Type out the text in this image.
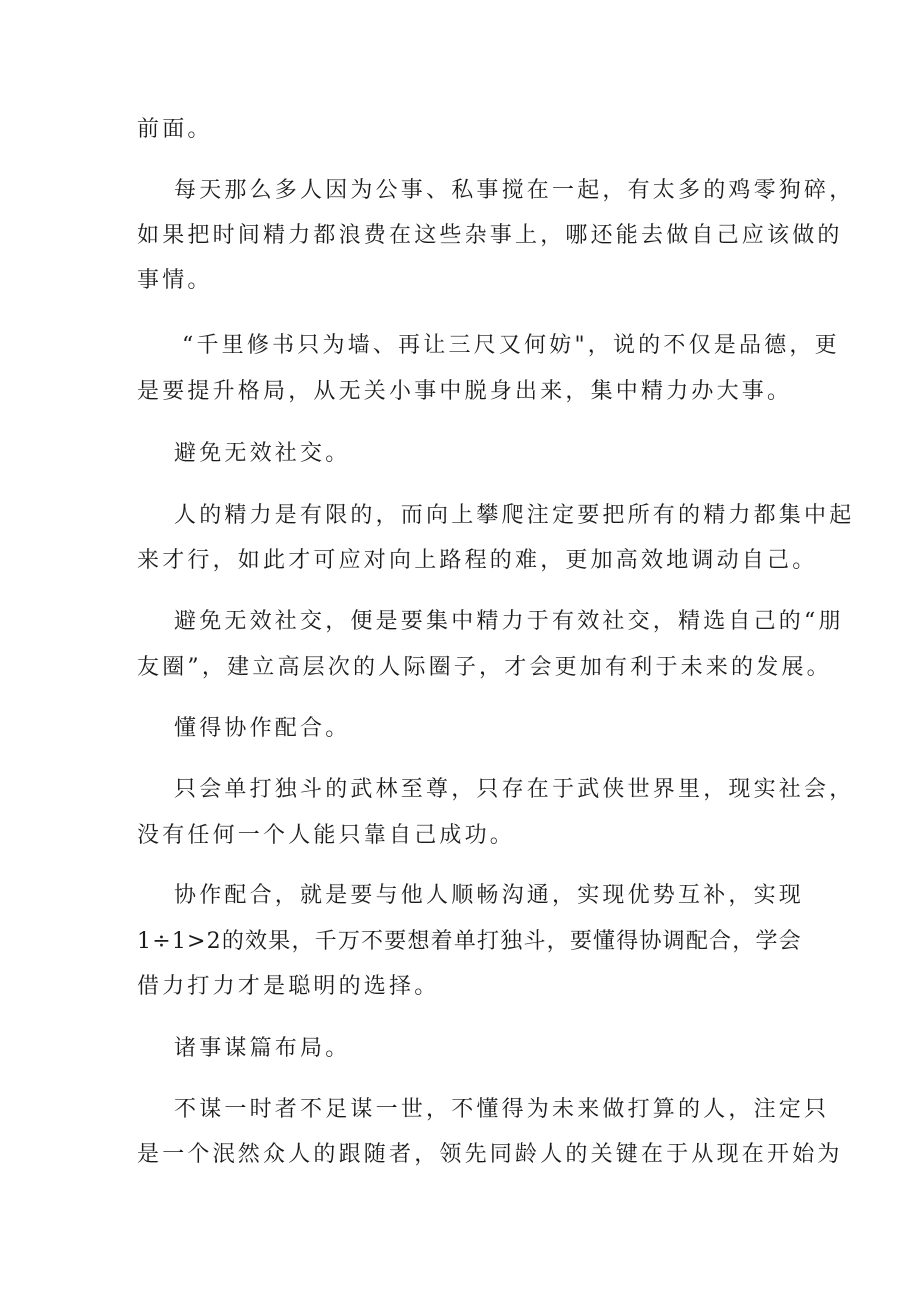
前面。
每天那么多人因为公事、私事搅在一起，有太多的鸡零狗碎，
如果把时间精力都浪费在这些杂事上，哪还能去做自己应该做的
事情。
“千里修书只为墙、再让三尺又何妨"，说的不仅是品德，更
是要提升格局，从无关小事中脱身出来，集中精力办大事。
避免无效社交。
人的精力是有限的，而向上攀爬注定要把所有的精力都集中起
来才行，如此才可应对向上路程的难，更加高效地调动自己。
避免无效社交，便是要集中精力于有效社交，精选自己的“朋
友圈”，建立高层次的人际圈子，才会更加有利于未来的发展。
懂得协作配合。
只会单打独斗的武林至尊，只存在于武侠世界里，现实社会，
没有任何一个人能只靠自己成功。
协作配合，就是要与他人顺畅沟通，实现优势互补，实现
1÷1>2的效果，千万不要想着单打独斗，要懂得协调配合，学会
借力打力才是聪明的选择。
诸事谋篇布局。
不谋一时者不足谋一世，不懂得为未来做打算的人，注定只
是一个泯然众人的跟随者，领先同龄人的关键在于从现在开始为
